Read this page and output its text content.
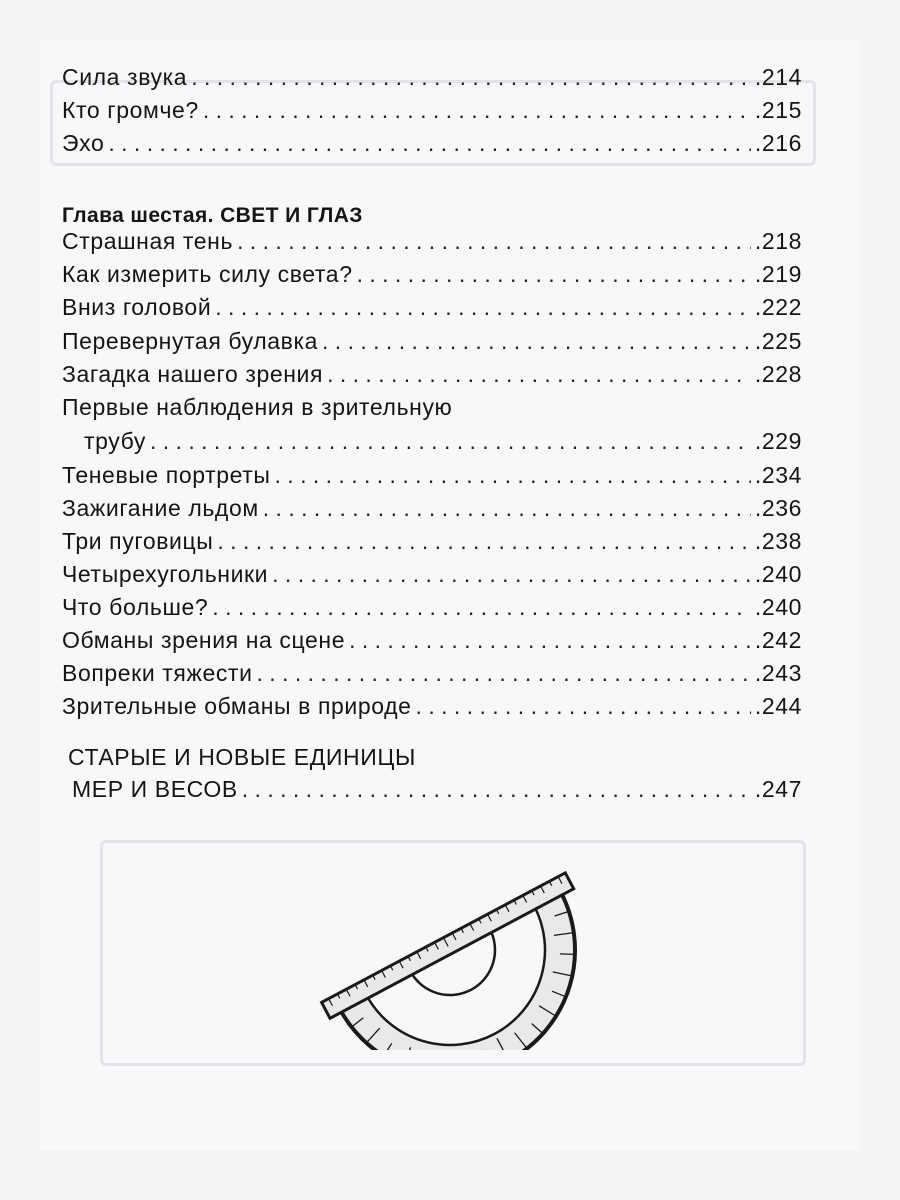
Сила звука . . .	.214
Кто громче? . . .	.215
Эхо . . .	.216
Глава шестая. СВЕТ И ГЛАЗ
Страшная тень . . .	.218
Как измерить силу света? . . .	.219
Вниз головой . . .	.222
Перевернутая булавка . . .	.225
Загадка нашего зрения . . .	.228
Первые наблюдения в зрительную
трубу . . .	.229
Теневые портреты . . .	.234
Зажигание льдом . . .	.236
Три пуговицы . . .	.238
Четырехугольники . . .	.240
Что больше? . . .	.240
Обманы зрения на сцене . . .	.242
Вопреки тяжести . . .	.243
Зрительные обманы в природе . . .	.244
СТАРЫЕ И НОВЫЕ ЕДИНИЦЫ
МЕР И ВЕСОВ . . .	.247
